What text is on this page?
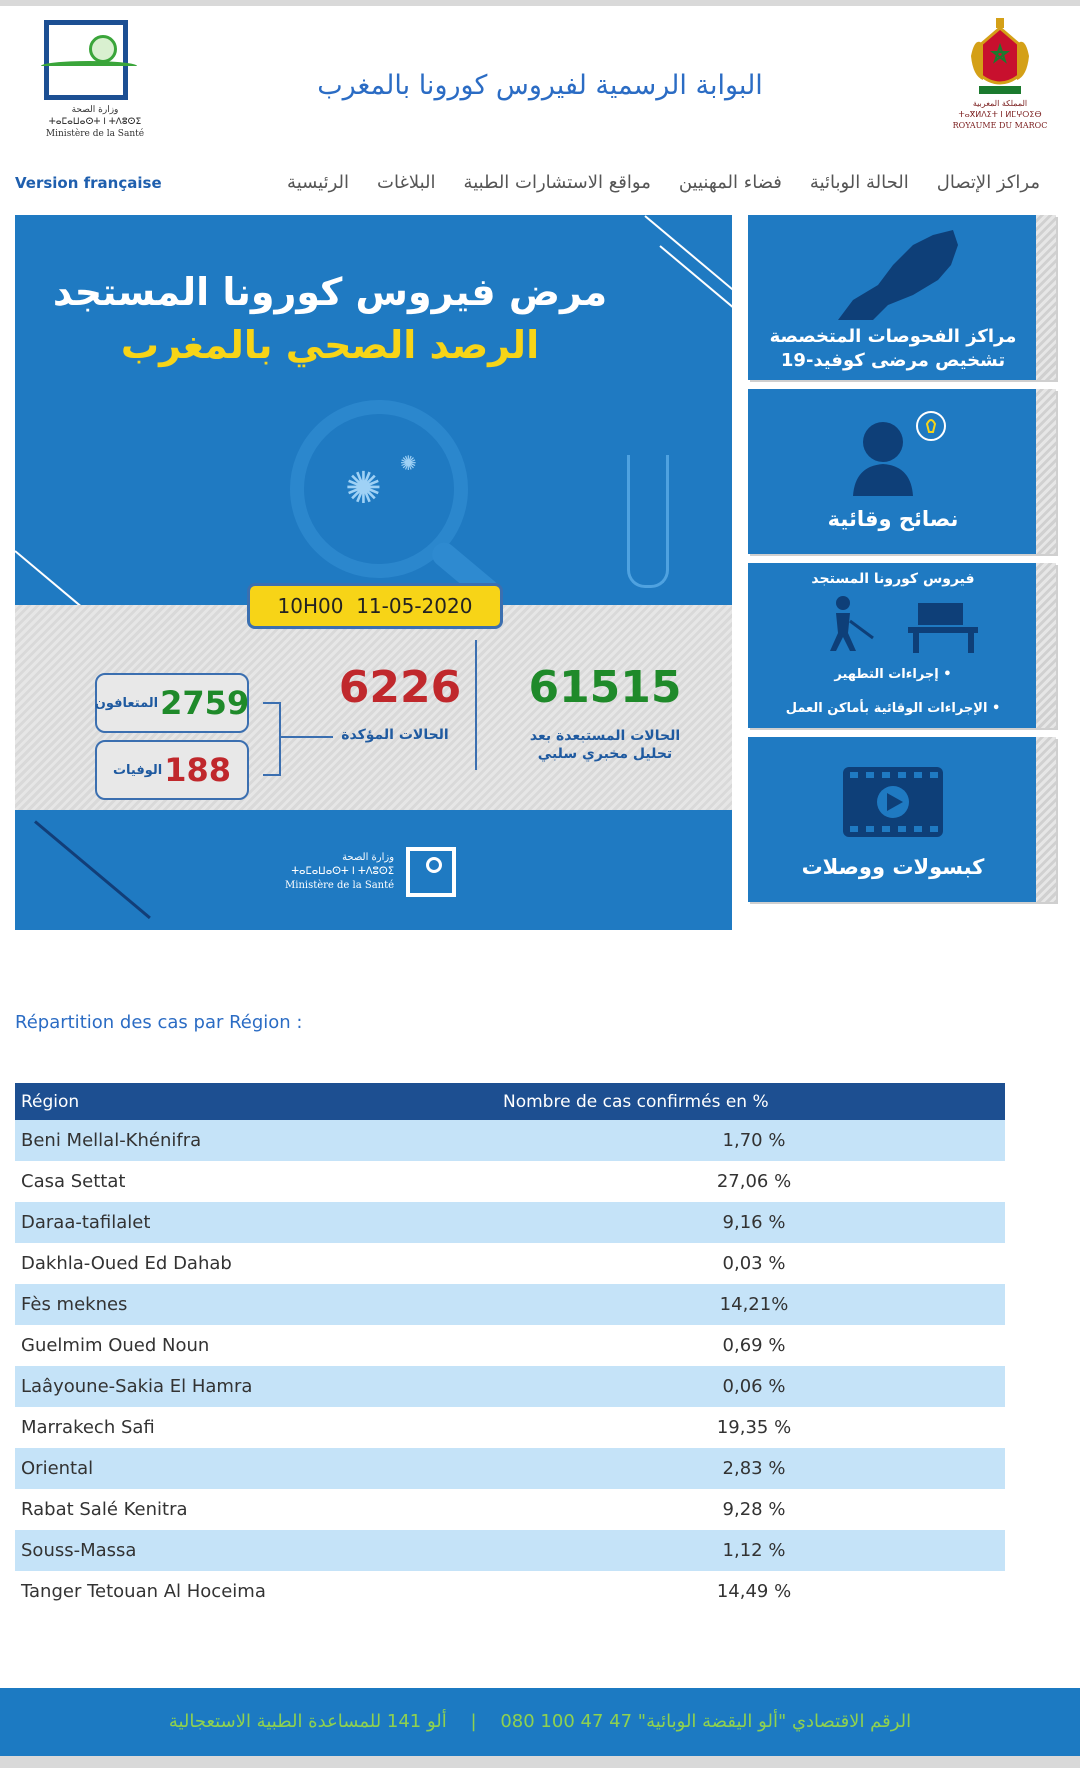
وزارة الصحة
ⵜⴰⵎⴰⵡⴰⵙⵜ ⵏ ⵜⴷⵓⵙⵉ
Ministère de la Santé
البوابة الرسمية لفيروس كورونا بالمغرب
المملكة المغربية
ⵜⴰⴳⵍⴷⵉⵜ ⵏ ⵍⵎⵖⵔⵉⴱ
ROYAUME DU MAROC
Version française	الرئيسية البلاغات مواقع الاستشارات الطبية فضاء المهنيين الحالة الوبائية مراكز الإتصال
مرض فيروس كورونا المستجد
الرصد الصحي بالمغرب
✺ ✺
10H00 11-05-2020
61515
الحالات المستبعدة بعد
تحليل مخبري سلبي
6226
الحالات المؤكدة
2759
المتعافون
188
الوفيات
وزارة الصحة
ⵜⴰⵎⴰⵡⴰⵙⵜ ⵏ ⵜⴷⵓⵙⵉ
Ministère de la Santé
مراكز الفحوصات المتخصصة
تشخيص مرضى كوفيد-19
نصائح وقائية
فيروس كورونا المستجد
• إجراءات التطهير
• الإجراءات الوقائية بأماكن العمل
كبسولات ووصلات
Répartition des cas par Région :
Région	Nombre de cas confirmés en %
Beni Mellal-Khénifra	1,70 %
Casa Settat	27,06 %
Daraa-tafilalet	9,16 %
Dakhla-Oued Ed Dahab	0,03 %
Fès meknes	14,21%
Guelmim Oued Noun	0,69 %
Laâyoune-Sakia El Hamra	0,06 %
Marrakech Safi	19,35 %
Oriental	2,83 %
Rabat Salé Kenitra	9,28 %
Souss-Massa	1,12 %
Tanger Tetouan Al Hoceima	14,49 %
الرقم الاقتصادي "ألو اليقضة الوبائية" 47 47 100 080 | ألو 141 للمساعدة الطبية الاستعجالية
